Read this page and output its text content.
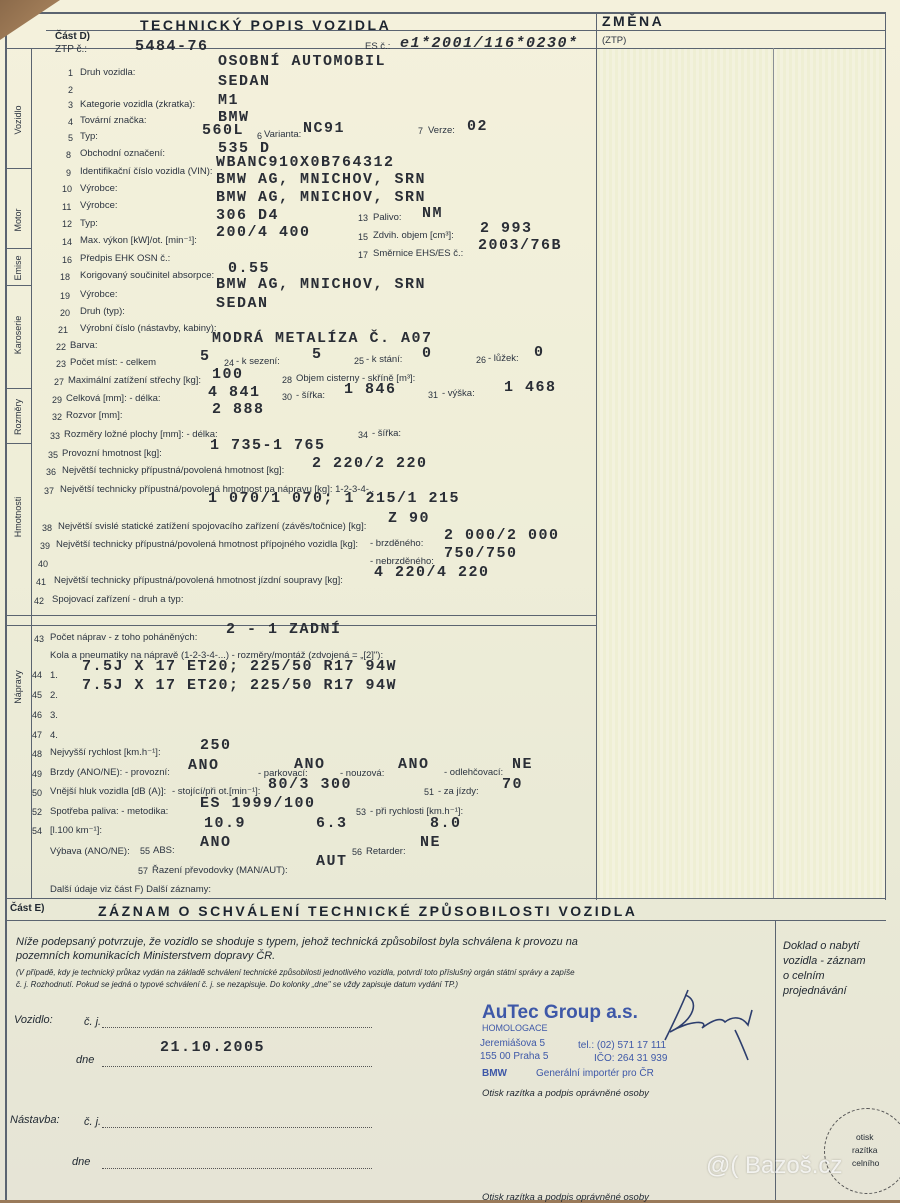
Část D)
TECHNICKÝ POPIS VOZIDLA	ZMĚNA
ZTP č.:	5484-76	ES č.: e1*2001/116*0230* (ZTP)
Vozidlo
Motor
Emise
Karoserie
Rozměry
Hmotnosti
Nápravy
1 Druh vozidla:
OSOBNÍ AUTOMOBIL
2	SEDAN
3 Kategorie vozidla (zkratka): M1
4 Tovární značka:	BMW
5 Typ:	560L 6 Varianta: NC91	7 Verze: 02
8 Obchodní označení:	535 D
9 Identifikační číslo vozidla (VIN):
WBANC910X0B764312
10 Výrobce:
BMW AG, MNICHOV, SRN
11 Výrobce:	BMW AG, MNICHOV, SRN
12 Typ:	306 D4	13 Palivo: NM
14 Max. výkon [kW]/ot. [min⁻¹]: 200/4 400	15 Zdvih. objem [cm³]: 2 993
16 Předpis EHK OSN č.:	17 Směrnice EHS/ES č.: 2003/76B
18 Korigovaný součinitel absorpce: 0.55
19 Výrobce:
BMW AG, MNICHOV, SRN
20 Druh (typ):	SEDAN
21 Výrobní číslo (nástavby, kabiny):
22 Barva:	MODRÁ METALÍZA Č. A07
23 Počet míst: - celkem	5 24 - k sezení: 5	25 - k stání: 0	26 - lůžek: 0
27 Maximální zatížení střechy [kg]: 100	28 Objem cisterny - skříně [m³]:
29 Celková [mm]: - délka:	4 841 30 - šířka: 1 846	31 - výška: 1 468
32 Rozvor [mm]:	2 888
33 Rozměry ložné plochy [mm]: - délka:	34 - šířka:
35 Provozní hmotnost [kg]:	1 735-1 765
36 Největší technicky přípustná/povolená hmotnost [kg]: 2 220/2 220
37 Největší technicky přípustná/povolená hmotnost na nápravu [kg]: 1-2-3-4-..
1 070/1 070; 1 215/1 215
38 Největší svislé statické zatížení spojovacího zařízení (závěs/točnice) [kg]: Z 90
39 Největší technicky přípustná/povolená hmotnost přípojného vozidla [kg]: - brzděného: 2 000/2 000
40	- nebrzděného: 750/750
41 Největší technicky přípustná/povolená hmotnost jízdní soupravy [kg]: 4 220/4 220
42 Spojovací zařízení - druh a typ:
43 Počet náprav - z toho poháněných: 2 - 1 ZADNÍ
Kola a pneumatiky na nápravě (1-2-3-4-...) - rozměry/montáž (zdvojená = „[2]"):
44 1.
7.5J X 17 ET20; 225/50 R17 94W
45 2.
7.5J X 17 ET20; 225/50 R17 94W
46 3.
47 4.
48 Nejvyšší rychlost [km.h⁻¹]:	250
49 Brzdy (ANO/NE): - provozní: ANO	- parkovací:
ANO
- nouzová:
ANO - odlehčovací: NE
50 Vnější hluk vozidla [dB (A)]: - stojící/při ot.[min⁻¹]: 80/3 300	51 - za jízdy: 70
52 Spotřeba paliva: - metodika: ES 1999/100	53 - při rychlosti [km.h⁻¹]:
54 [l.100 km⁻¹]:	10.9	6.3	8.0
Výbava (ANO/NE): 55 ABS: ANO
56 Retarder:
NE
57 Řazení převodovky (MAN/AUT):
AUT
Další údaje viz část F) Další záznamy:
Část E)	ZÁZNAM O SCHVÁLENÍ TECHNICKÉ ZPŮSOBILOSTI VOZIDLA
Níže podepsaný potvrzuje, že vozidlo se shoduje s typem, jehož technická způsobilost byla schválena k provozu na
pozemních komunikacích Ministerstvem dopravy ČR.
(V případě, kdy je technický průkaz vydán na základě schválení technické způsobilosti jednotlivého vozidla, potvrdí toto příslušný orgán státní správy a zapíše
č. j. Rozhodnutí. Pokud se jedná o typové schválení č. j. se nezapisuje. Do kolonky „dne" se vždy zapisuje datum vydání TP.)
Doklad o nabytí
vozidla - záznam
o celním
projednávání
Vozidlo:	č. j.
21.10.2005
dne
Nástavba: č. j.
dne
AuTec Group a.s.
HOMOLOGACE
Jeremiášova 5
155 00 Praha 5
tel.: (02) 571 17 111
IČO: 264 31 939
BMW	Generální importér pro ČR
Otisk razítka a podpis oprávněné osoby
Otisk razítka a podpis oprávněné osoby
otisk
razítka
celního
@( Bazoš.cz
